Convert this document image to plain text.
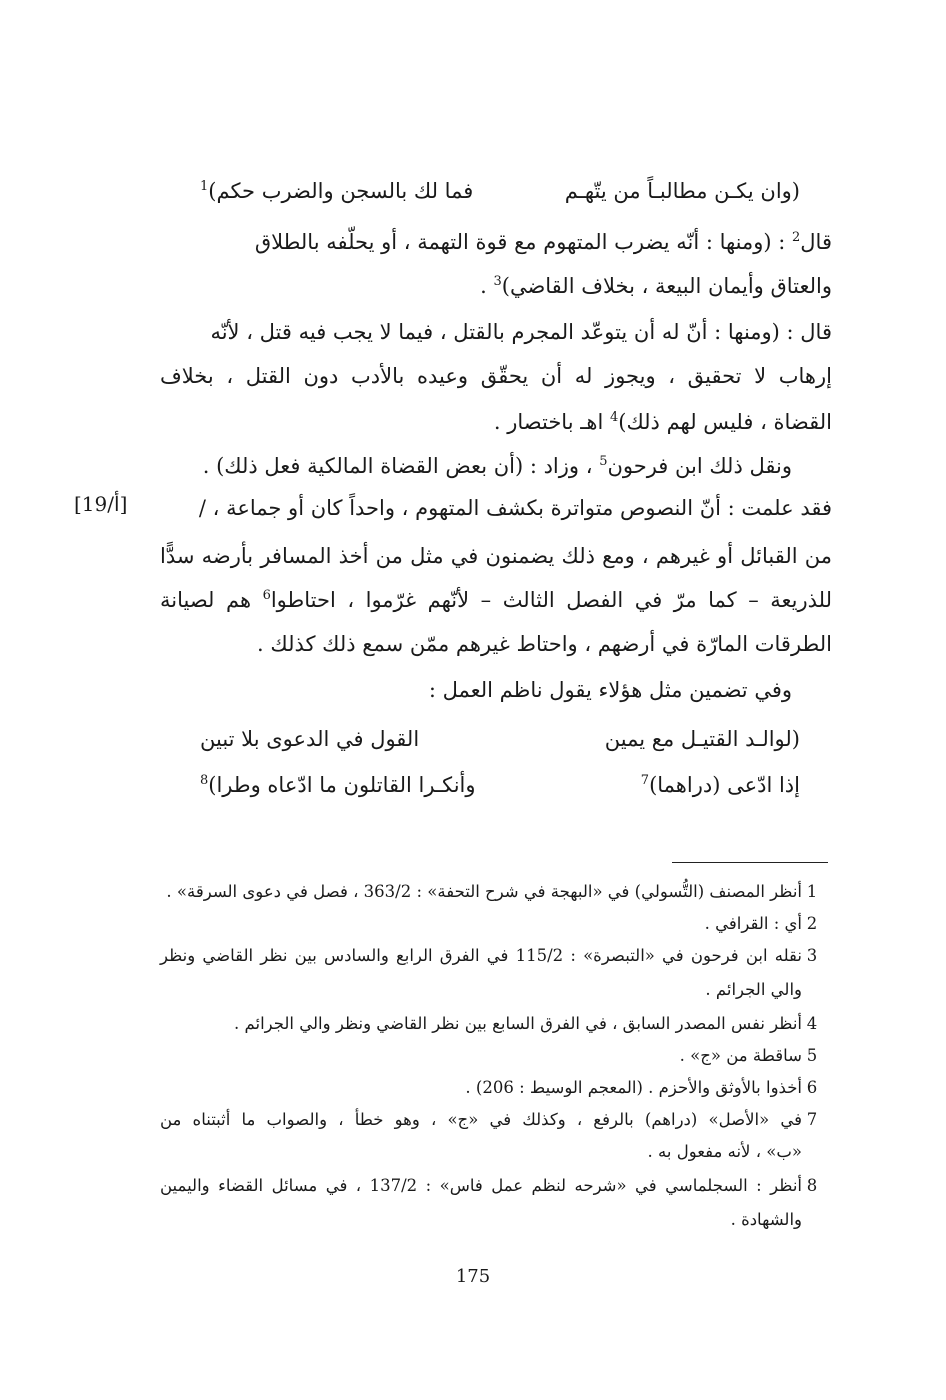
(وان يكـن مطالبـاً من يتّهـم
فما لك بالسجن والضرب حكم)$^1$
قال$^2$ : (ومنها : أنّه يضرب المتهوم مع قوة التهمة ، أو يحلّفه بالطلاق
والعتاق وأيمان البيعة ، بخلاف القاضي)$^3$ .
قال : (ومنها : أنّ له أن يتوعّد المجرم بالقتل ، فيما لا يجب فيه قتل ، لأنّه
إرهاب لا تحقيق ، ويجوز له أن يحقّق وعيده بالأدب دون القتل ، بخلاف
القضاة ، فليس لهم ذلك)$^4$ اهـ باختصار .
ونقل ذلك ابن فرحون$^5$ ، وزاد : (أن بعض القضاة المالكية فعل ذلك) .
فقد علمت : أنّ النصوص متواترة بكشف المتهوم ، واحداً كان أو جماعة ، /
[19/أ]
من القبائل أو غيرهم ، ومع ذلك يضمنون في مثل من أخذ المسافر بأرضه سدًّا
للذريعة – كما مرّ في الفصل الثالث – لأنّهم غرّموا ، احتاطوا$^6$ هم لصيانة
الطرقات المارّة في أرضهم ، واحتاط غيرهم ممّن سمع ذلك كذلك .
وفي تضمين مثل هؤلاء يقول ناظم العمل :
(لوالـد القتيـل مع يمين
القول في الدعوى بلا تبين
إذا ادّعى (دراهما)$^7$
وأنكـرا القاتلون ما ادّعاه وطرا)$^8$
1
أنظر المصنف (التُّسولي) في «البهجة في شرح التحفة» : 363/2 ، فصل في دعوى السرقة» .
2
أي : القرافي .
3
نقله ابن فرحون في «التبصرة» : 115/2 في الفرق الرابع والسادس بين نظر القاضي ونظر
والي الجرائم .
4
أنظر نفس المصدر السابق ، في الفرق السابع بين نظر القاضي ونظر والي الجرائم .
5
ساقطة من «ج» .
6
أخذوا بالأوثق والأحزم . (المعجم الوسيط : 206) .
7
في «الأصل» (دراهم) بالرفع ، وكذلك في «ج» ، وهو خطأ ، والصواب ما أثبتناه من
«ب» ، لأنه مفعول به .
8
أنظر : السجلماسي في «شرحه لنظم عمل فاس» : 137/2 ، في مسائل القضاء واليمين
والشهادة .
175
